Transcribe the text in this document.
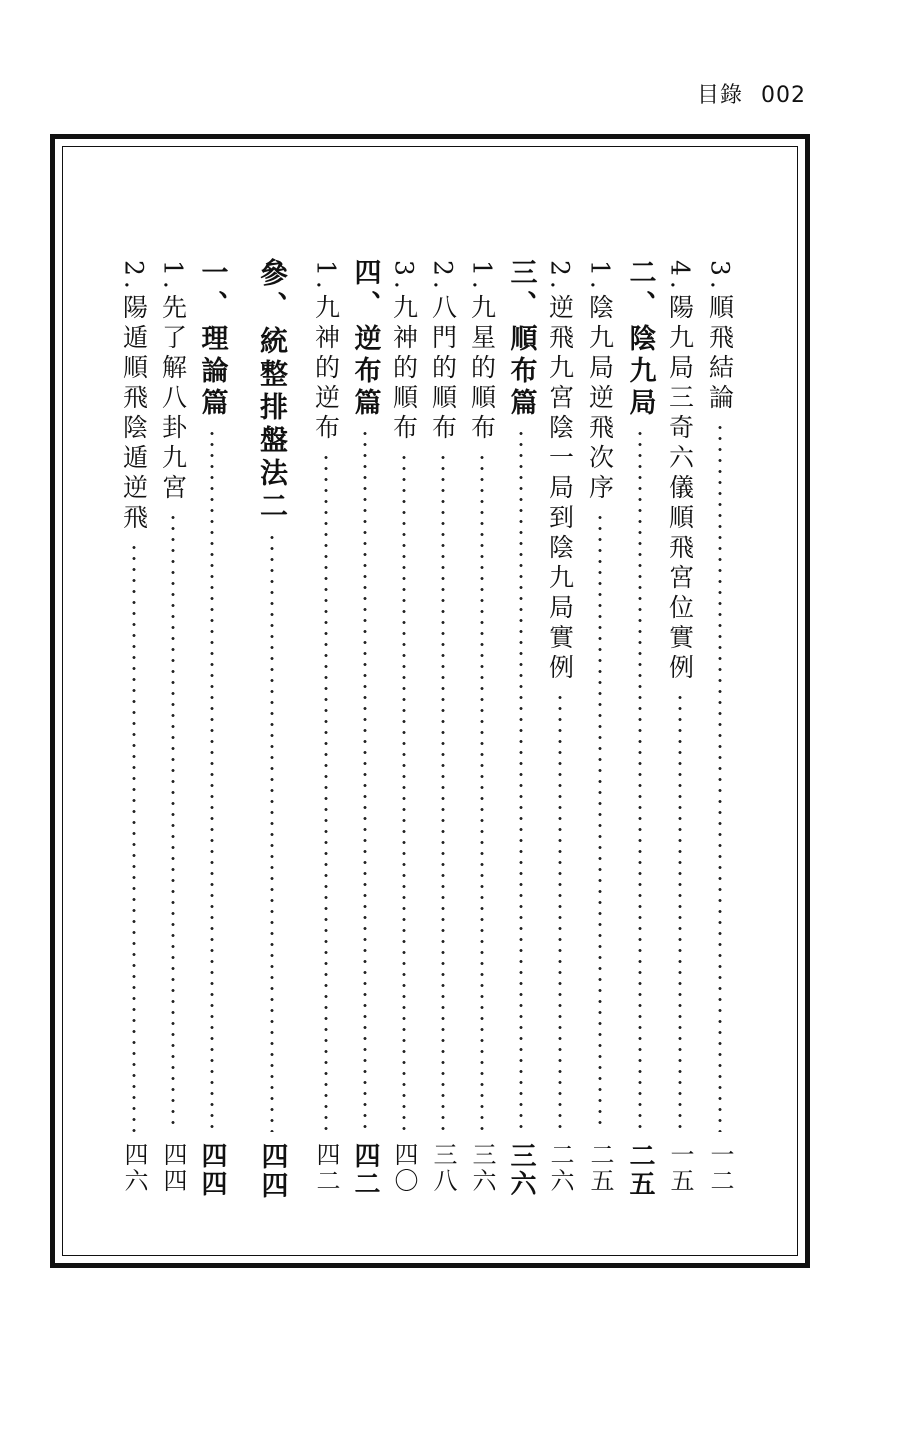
目錄 002
3.順飛結論
一二
4.陽九局三奇六儀順飛宮位實例
一五
二、
陰九局
二五
1.陰九局逆飛次序
二五
2.逆飛九宮陰一局到陰九局實例
二六
三、
順布篇
三六
1.九星的順布
三六
2.八門的順布
三八
3.九神的順布
四〇
四、
逆布篇
四二
1.九神的逆布
四二
參、
統整排盤法二
四四
一、
理論篇
四四
1.先了解八卦九宮
四四
2.陽遁順飛陰遁逆飛
四六
